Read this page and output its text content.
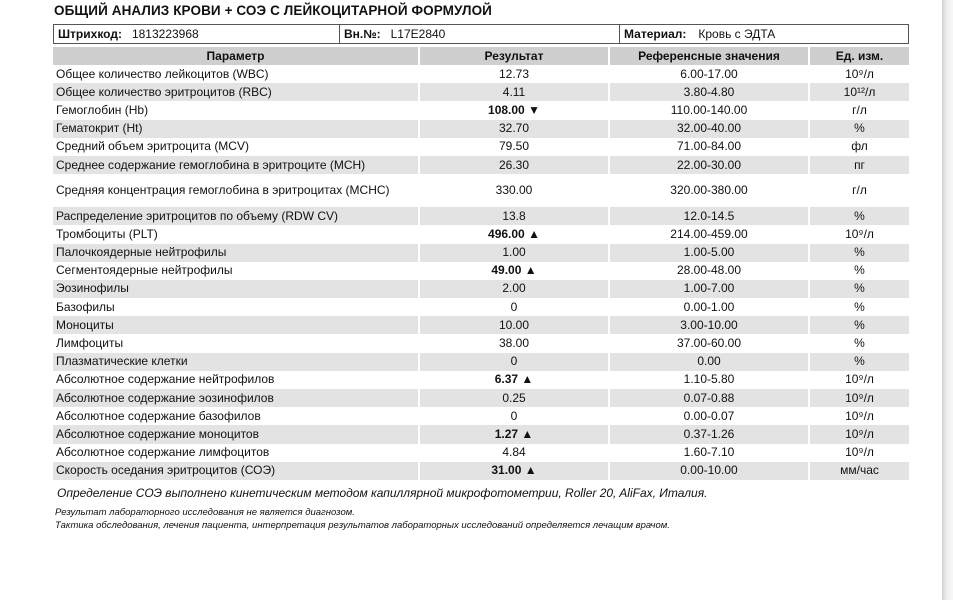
ОБЩИЙ АНАЛИЗ КРОВИ + СОЭ С ЛЕЙКОЦИТАРНОЙ ФОРМУЛОЙ
Штрихкод: 1813223968	Вн.№: L17E2840	Материал: Кровь с ЭДТА
Параметр	Результат	Референсные значения	Ед. изм.
Общее количество лейкоцитов (WBC)	12.73	6.00-17.00	10⁹/л
Общее количество эритроцитов (RBC)	4.11	3.80-4.80	10¹²/л
Гемоглобин (Hb)	108.00 ▼	110.00-140.00	г/л
Гематокрит (Ht)	32.70	32.00-40.00	%
Средний объем эритроцита (MCV)	79.50	71.00-84.00	фл
Среднее содержание гемоглобина в эритроците (MCH)	26.30	22.00-30.00	пг
Средняя концентрация гемоглобина в эритроцитах (MCHC)	330.00	320.00-380.00	г/л
Распределение эритроцитов по объему (RDW CV)	13.8	12.0-14.5	%
Тромбоциты (PLT)	496.00 ▲	214.00-459.00	10⁹/л
Палочкоядерные нейтрофилы	1.00	1.00-5.00	%
Сегментоядерные нейтрофилы	49.00 ▲	28.00-48.00	%
Эозинофилы	2.00	1.00-7.00	%
Базофилы	0	0.00-1.00	%
Моноциты	10.00	3.00-10.00	%
Лимфоциты	38.00	37.00-60.00	%
Плазматические клетки	0	0.00	%
Абсолютное содержание нейтрофилов	6.37 ▲	1.10-5.80	10⁹/л
Абсолютное содержание эозинофилов	0.25	0.07-0.88	10⁹/л
Абсолютное содержание базофилов	0	0.00-0.07	10⁹/л
Абсолютное содержание моноцитов	1.27 ▲	0.37-1.26	10⁹/л
Абсолютное содержание лимфоцитов	4.84	1.60-7.10	10⁹/л
Скорость оседания эритроцитов (СОЭ)	31.00 ▲	0.00-10.00	мм/час
Определение СОЭ выполнено кинетическим методом капиллярной микрофотометрии, Roller 20, AliFax, Италия.
Результат лабораторного исследования не является диагнозом.
Тактика обследования, лечения пациента, интерпретация результатов лабораторных исследований определяется лечащим врачом.
